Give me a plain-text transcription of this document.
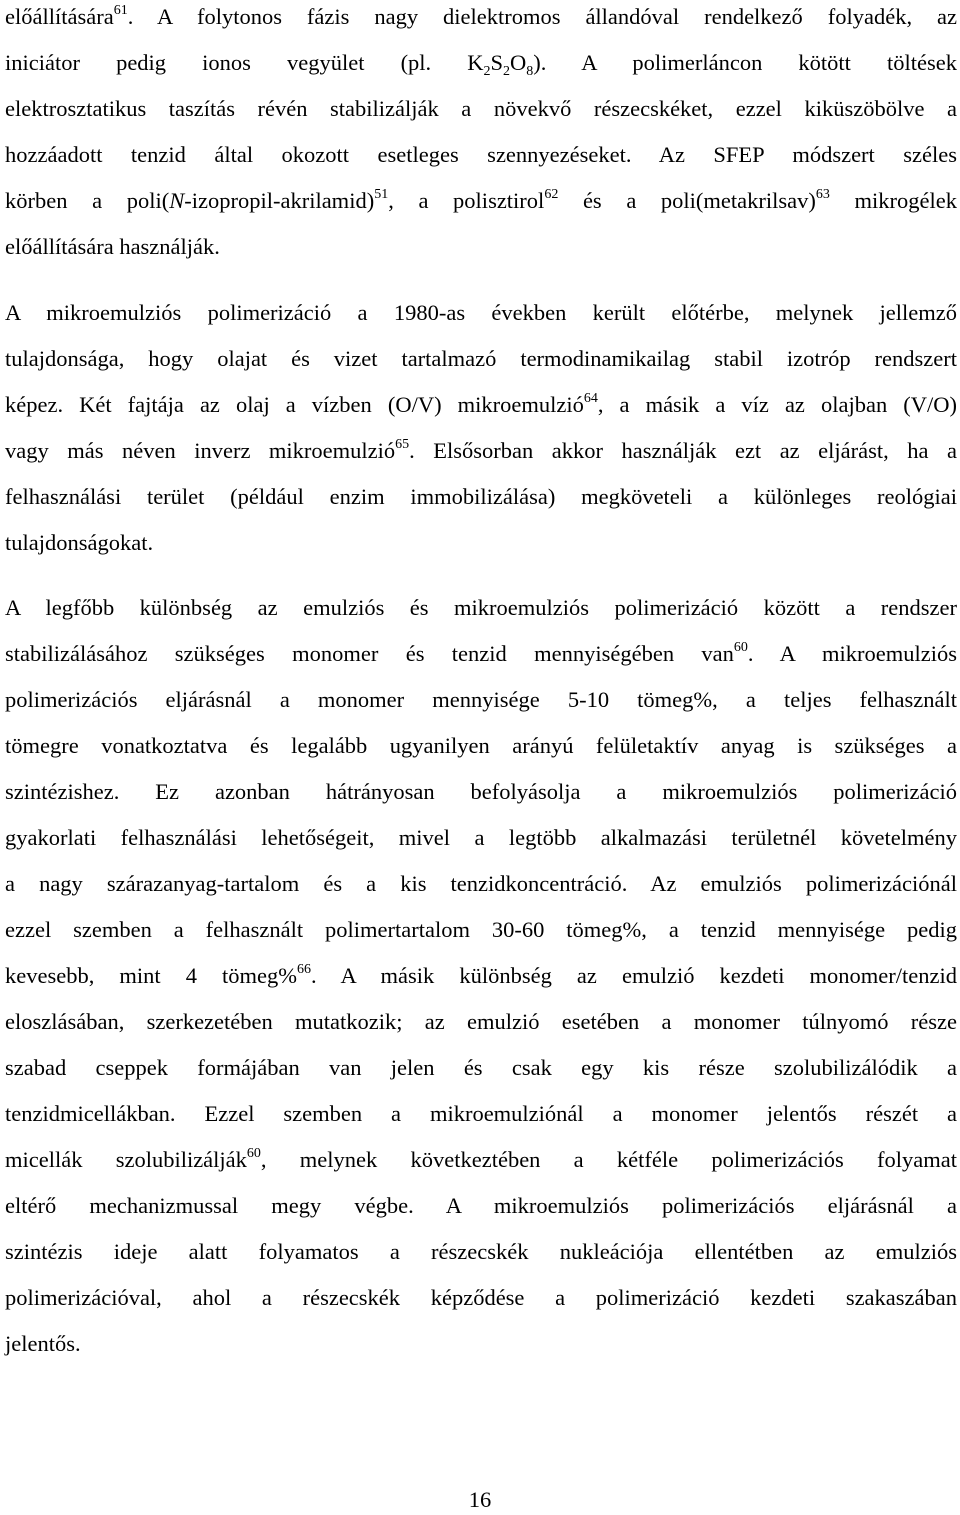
előállítására$^{61}$. A folytonos fázis nagy dielektromos állandóval rendelkező folyadék, az
iniciátor pedig ionos vegyület (pl. $K_2S_2O_8$). A polimerláncon kötött töltések
elektrosztatikus taszítás révén stabilizálják a növekvő részecskéket, ezzel kiküszöbölve a
hozzáadott tenzid által okozott esetleges szennyezéseket. Az SFEP módszert széles
körben a poli(N-izopropil-akrilamid)$^{51}$, a polisztirol$^{62}$ és a poli(metakrilsav)$^{63}$ mikrogélek
előállítására használják.
A mikroemulziós polimerizáció a 1980-as években került előtérbe, melynek jellemző
tulajdonsága, hogy olajat és vizet tartalmazó termodinamikailag stabil izotróp rendszert
képez. Két fajtája az olaj a vízben (O/V) mikroemulzió$^{64}$, a másik a víz az olajban (V/O)
vagy más néven inverz mikroemulzió$^{65}$. Elsősorban akkor használják ezt az eljárást, ha a
felhasználási terület (például enzim immobilizálása) megköveteli a különleges reológiai
tulajdonságokat.
A legfőbb különbség az emulziós és mikroemulziós polimerizáció között a rendszer
stabilizálásához szükséges monomer és tenzid mennyiségében van$^{60}$. A mikroemulziós
polimerizációs eljárásnál a monomer mennyisége 5-10 tömeg%, a teljes felhasznált
tömegre vonatkoztatva és legalább ugyanilyen arányú felületaktív anyag is szükséges a
szintézishez. Ez azonban hátrányosan befolyásolja a mikroemulziós polimerizáció
gyakorlati felhasználási lehetőségeit, mivel a legtöbb alkalmazási területnél követelmény
a nagy szárazanyag-tartalom és a kis tenzidkoncentráció. Az emulziós polimerizációnál
ezzel szemben a felhasznált polimertartalom 30-60 tömeg%, a tenzid mennyisége pedig
kevesebb, mint 4 tömeg%$^{66}$. A másik különbség az emulzió kezdeti monomer/tenzid
eloszlásában, szerkezetében mutatkozik; az emulzió esetében a monomer túlnyomó része
szabad cseppek formájában van jelen és csak egy kis része szolubilizálódik a
tenzidmicellákban. Ezzel szemben a mikroemulziónál a monomer jelentős részét a
micellák szolubilizálják$^{60}$, melynek következtében a kétféle polimerizációs folyamat
eltérő mechanizmussal megy végbe. A mikroemulziós polimerizációs eljárásnál a
szintézis ideje alatt folyamatos a részecskék nukleációja ellentétben az emulziós
polimerizációval, ahol a részecskék képződése a polimerizáció kezdeti szakaszában
jelentős.
16
